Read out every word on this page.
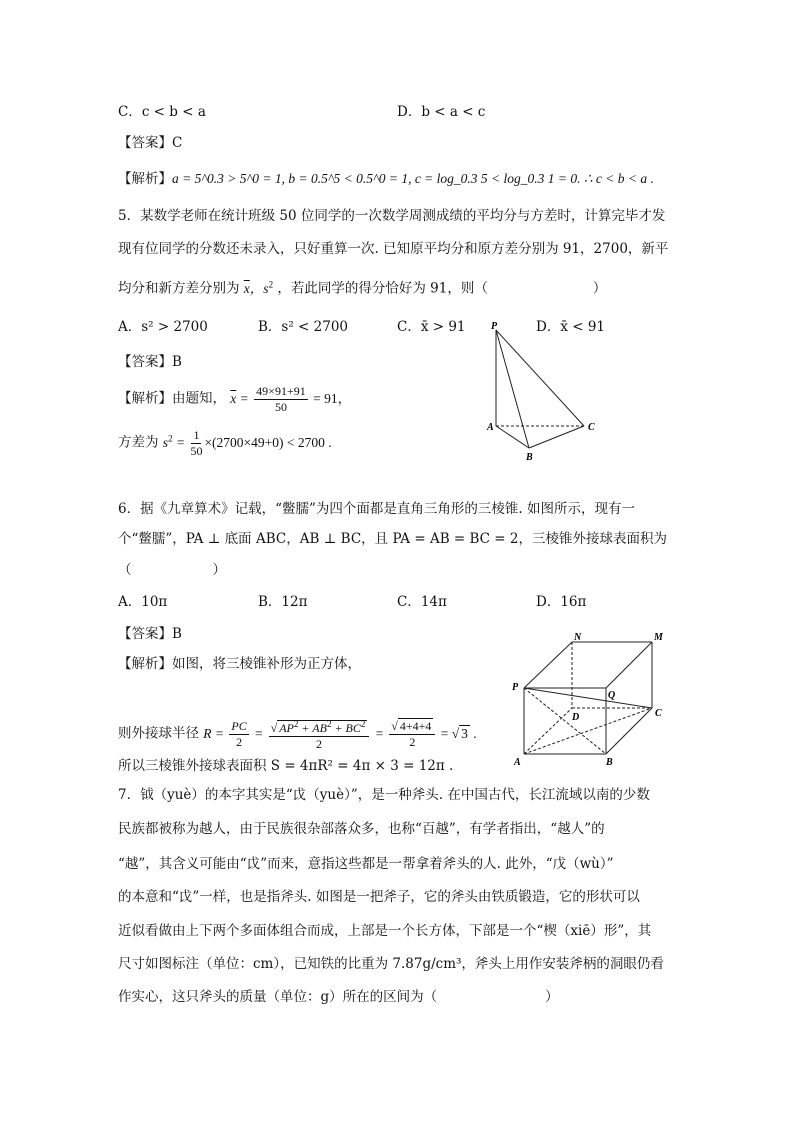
C．c < b < a	D．b < a < c
【答案】C
【解析】a = 5^0.3 > 5^0 = 1, b = 0.5^5 < 0.5^0 = 1, c = log_0.3 5 < log_0.3 1 = 0. ∴ c < b < a .
5．某数学老师在统计班级 50 位同学的一次数学周测成绩的平均分与方差时，计算完毕才发
现有位同学的分数还未录入，只好重算一次. 已知原平均分和原方差分别为 91，2700，新平
均分和新方差分别为 $\overline{x}$，$s^2$ ，若此同学的得分恰好为 91，则（	）
A．s² > 2700	B．s² < 2700	C．x̄ > 91	D．x̄ < 91
【答案】B
【解析】由题知， $\overline{x} = \frac{49\times 91+91}{50} = 91$，
方差为 $s^2 = \frac{1}{50} \times(2700\times 49+0) < 2700$ .
P
A
B
C
6．据《九章算术》记载，“鳖臑”为四个面都是直角三角形的三棱锥. 如图所示，现有一
个“鳖臑”，PA ⊥ 底面 ABC，AB ⊥ BC，且 PA = AB = BC = 2，三棱锥外接球表面积为
（　　　　　　）
A．10π	B．12π	C．14π	D．16π
【答案】B
【解析】如图，将三棱锥补形为正方体，
则外接球半径 $R = \frac{PC}{2} = \frac{√ AP^2 + AB^2 + BC^2}{2} = \frac{√ 4+4+4}{2}$ = √ 3 .
所以三棱锥外接球表面积 S = 4πR² = 4π × 3 = 12π .
N	M
P
Q
D	C
A	B
7．钺（yuè）的本字其实是“戉（yuè）”，是一种斧头. 在中国古代，长江流域以南的少数
民族都被称为越人，由于民族很杂部落众多，也称“百越”，有学者指出，“越人”的
“越”，其含义可能由“戉”而来，意指这些都是一帮拿着斧头的人. 此外，“戊（wù）”
的本意和“戉”一样，也是指斧头. 如图是一把斧子，它的斧头由铁质锻造，它的形状可以
近似看做由上下两个多面体组合而成，上部是一个长方体，下部是一个“楔（xiē）形”，其
尺寸如图标注（单位：cm），已知铁的比重为 7.87g/cm³，斧头上用作安装斧柄的洞眼仍看
作实心，这只斧头的质量（单位：g）所在的区间为（	）
